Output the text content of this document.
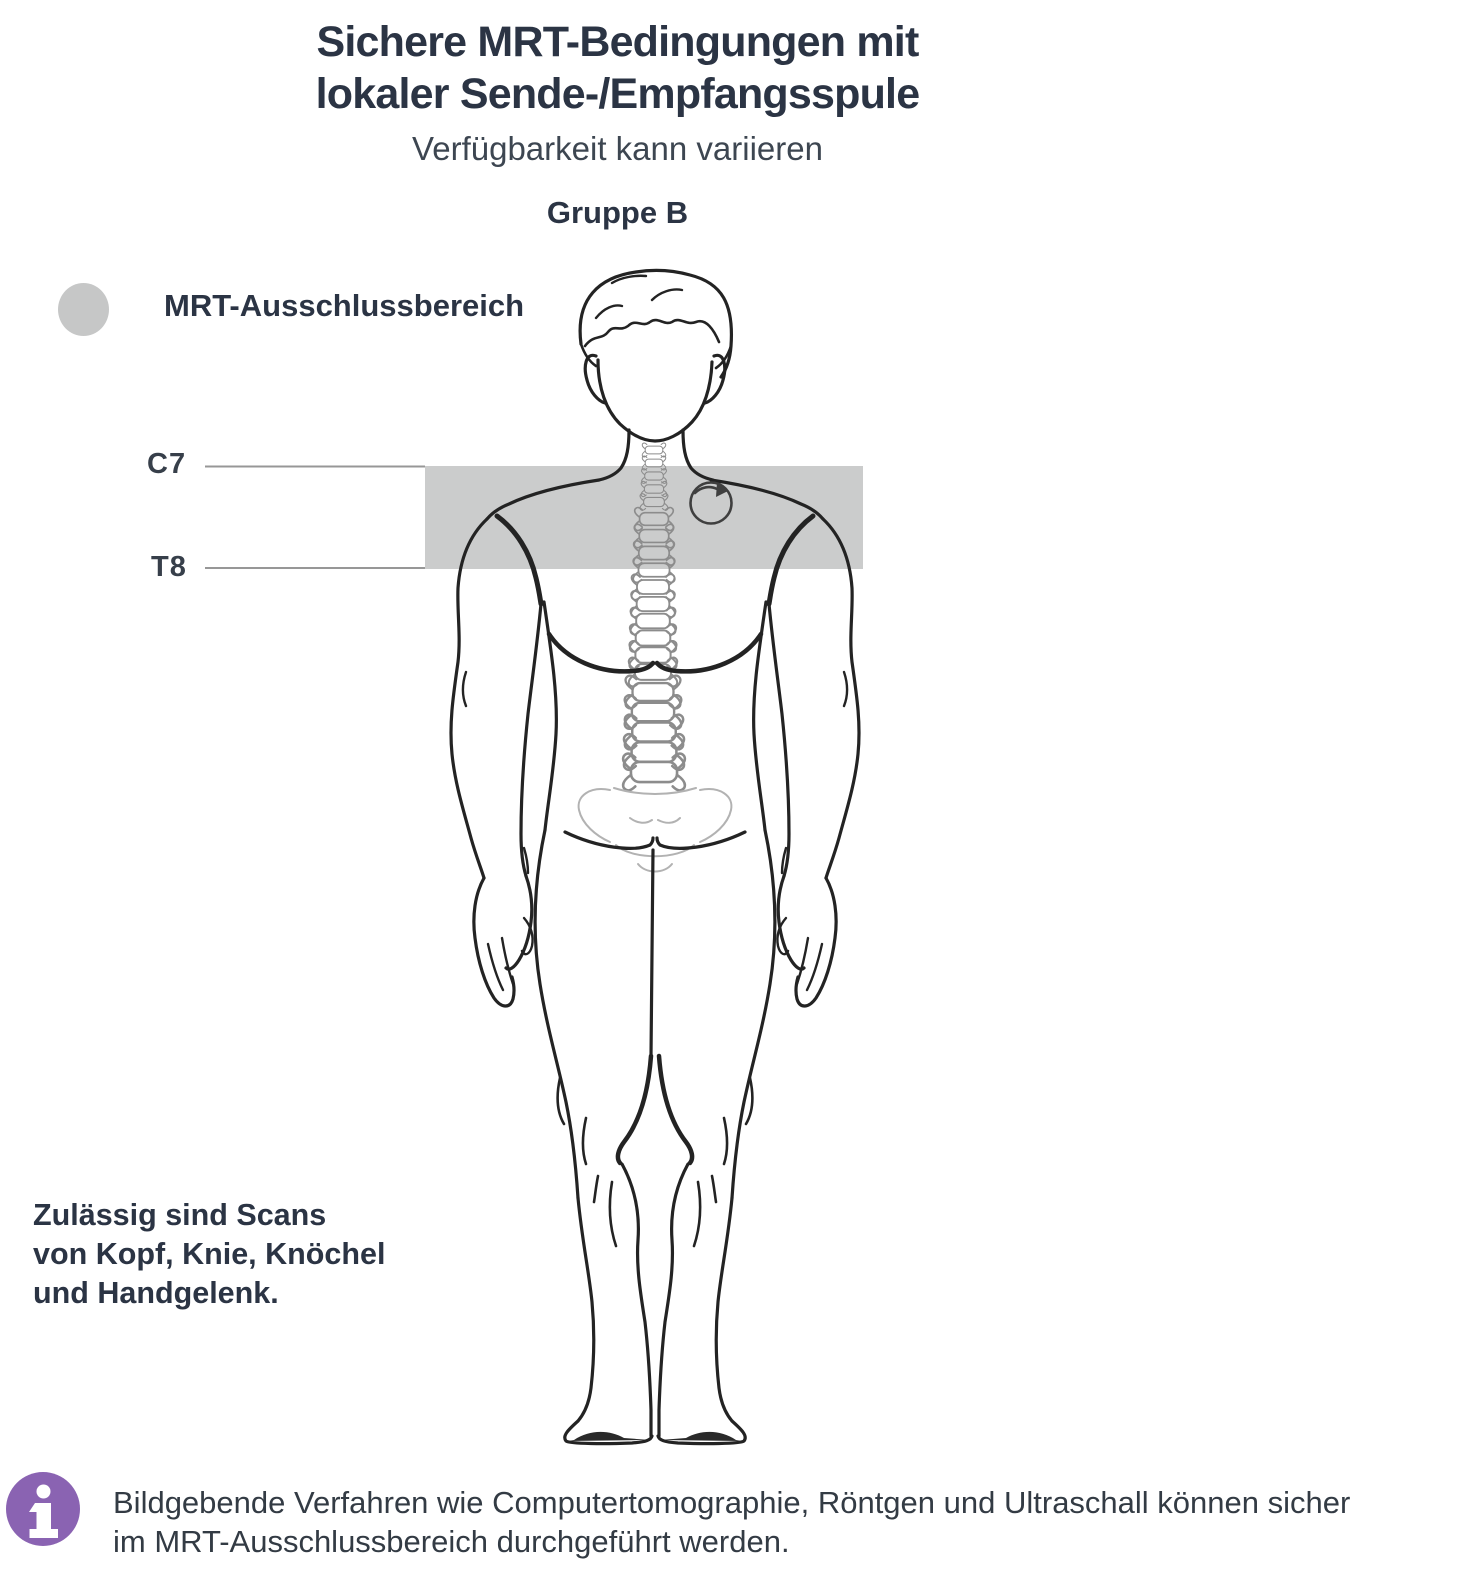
Sichere MRT-Bedingungen mit
lokaler Sende-/Empfangsspule
Verfügbarkeit kann variieren
Gruppe B
MRT-Ausschlussbereich
C7
T8
Zulässig sind Scans
von Kopf, Knie, Knöchel
und Handgelenk.
Bildgebende Verfahren wie Computertomographie, Röntgen und Ultraschall können sicher
im MRT-Ausschlussbereich durchgeführt werden.
